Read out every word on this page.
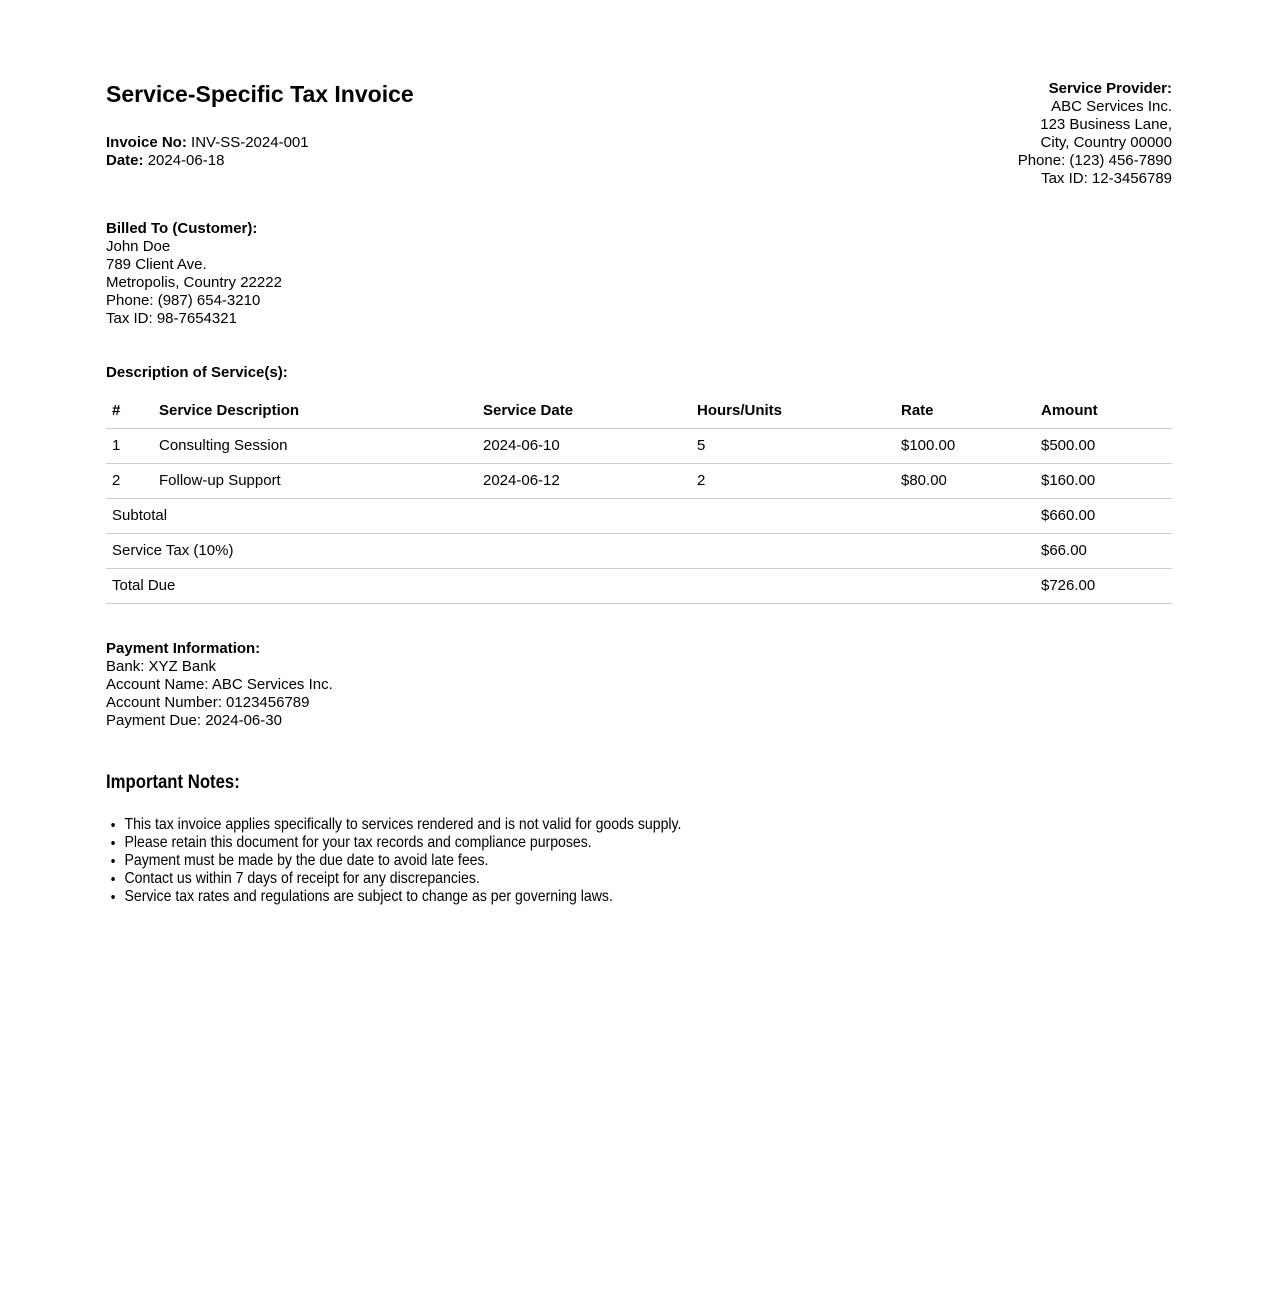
Service-Specific Tax Invoice
Invoice No: INV-SS-2024-001
Date: 2024-06-18
Service Provider:
ABC Services Inc.
123 Business Lane,
City, Country 00000
Phone: (123) 456-7890
Tax ID: 12-3456789
Billed To (Customer):
John Doe
789 Client Ave.
Metropolis, Country 22222
Phone: (987) 654-3210
Tax ID: 98-7654321
Description of Service(s):
#	Service Description	Service Date	Hours/Units	Rate	Amount
1	Consulting Session	2024-06-10	5	$100.00	$500.00
2	Follow-up Support	2024-06-12	2	$80.00	$160.00
Subtotal					$660.00
Service Tax (10%)					$66.00
Total Due					$726.00
Payment Information:
Bank: XYZ Bank
Account Name: ABC Services Inc.
Account Number: 0123456789
Payment Due: 2024-06-30
Important Notes:
• This tax invoice applies specifically to services rendered and is not valid for goods supply.
• Please retain this document for your tax records and compliance purposes.
• Payment must be made by the due date to avoid late fees.
• Contact us within 7 days of receipt for any discrepancies.
• Service tax rates and regulations are subject to change as per governing laws.
